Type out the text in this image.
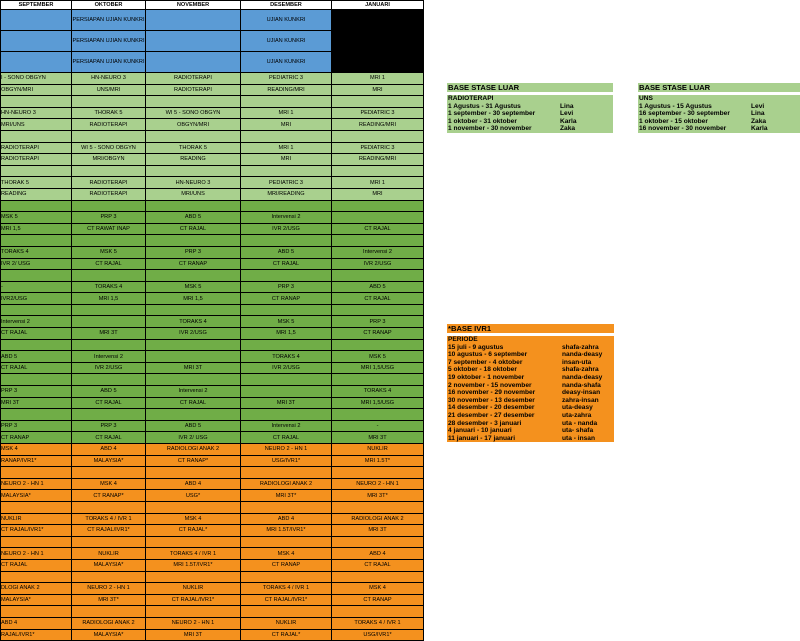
SEPTEMBER	OKTOBER	NOVEMBER	DESEMBER	JANUARI
	PERSIAPAN UJIAN KUNKRI		UJIAN KUNKRI	
	PERSIAPAN UJIAN KUNKRI		UJIAN KUNKRI	
	PERSIAPAN UJIAN KUNKRI		UJIAN KUNKRI	
I - SONO OBGYN	HN-NEURO 3	RADIOTERAPI	PEDIATRIC 3	MRI 1
OBGYN/MRI	UNS/MRI	RADIOTERAPI	READING/MRI	MRI

HN-NEURO 3	THORAK 5	WI 5 - SONO OBGYN	MRI 1	PEDIATRIC 3
MRI/UNS	RADIOTERAPI	OBGYN/MRI	MRI	READING/MRI

RADIOTERAPI	WI 5 - SONO OBGYN	THORAK 5	MRI 1	PEDIATRIC 3
RADIOTERAPI	MRI/OBGYN	READING	MRI	READING/MRI

THORAK 5	RADIOTERAPI	HN-NEURO 3	PEDIATRIC 3	MRI 1
READING	RADIOTERAPI	MRI/UNS	MRI/READING	MRI

MSK 5	PRP 3	ABD 5	Intervensi 2	
MRI 1,5	CT RAWAT INAP	CT RAJAL	IVR 2/USG	CT RAJAL

TORAKS 4	MSK 5	PRP 3	ABD 5	Intervensi 2
IVR 2/ USG	CT RAJAL	CT RANAP	CT RAJAL	IVR 2/USG

-	TORAKS 4	MSK 5	PRP 3	ABD 5
IVR2/USG	MRI 1,5	MRI 1,5	CT RANAP	CT RAJAL

Intervensi 2		TORAKS 4	MSK 5	PRP 3
CT RAJAL	MRI 3T	IVR 2/USG	MRI 1,5	CT RANAP

ABD 5	Intervensi 2		TORAKS 4	MSK 5
CT RAJAL	IVR 2/USG	MRI 3T	IVR 2/USG	MRI 1,5/USG

PRP 3	ABD 5	Intervensi 2		TORAKS 4
MRI 3T	CT RAJAL	CT RAJAL	MRI 3T	MRI 1,5/USG

PRP 3	PRP 3	ABD 5	Intervensi 2	-
CT RANAP	CT RAJAL	IVR 2/ USG	CT RAJAL	MRI 3T
MSK 4	ABD 4	RADIOLOGI ANAK 2	NEURO 2 - HN 1	NUKLIR
RANAP/IVR1*	MALAYSIA*	CT RANAP*	USG/IVR1*	MRI 1.5T*

NEURO 2 - HN 1	MSK 4	ABD 4	RADIOLOGI ANAK 2	NEURO 2 - HN 1
MALAYSIA*	CT RANAP*	USG*	MRI 3T*	MRI 3T*

NUKLIR	TORAKS 4 / IVR 1	MSK 4	ABD 4	RADIOLOGI ANAK 2
CT RAJAL/IVR1*	CT RAJAL/IVR1*	CT RAJAL*	MRI 1.5T/IVR1*	MRI 3T

NEURO 2 - HN 1	NUKLIR	TORAKS 4 / IVR 1	MSK 4	ABD 4
CT RAJAL	MALAYSIA*	MRI 1.5T/IVR1*	CT RANAP	CT RAJAL

DLOGI ANAK 2	NEURO 2 - HN 1	NUKLIR	TORAKS 4 / IVR 1	MSK 4
MALAYSIA*	MRI 3T*	CT RAJAL/IVR1*	CT RAJAL/IVR1*	CT RANAP

ABD 4	RADIOLOGI ANAK 2	NEURO 2 - HN 1	NUKLIR	TORAKS 4 / IVR 1
RAJAL/IVR1*	MALAYSIA*	MRI 3T	CT RAJAL*	USG/IVR1*
BASE STASE LUAR	

RADIOTERAPI	
1 Agustus - 31 Agustus	Lina
1 september - 30 september	Levi
1 oktober - 31 oktober	Karla
1 november - 30 november	Zaka
BASE STASE LUAR	

UNS	
1 Agustus - 15 Agustus	Levi
16 september - 30 september	Lina
1 oktober - 15 oktober	Zaka
16 november - 30 november	Karla
*BASE IVR1	

PERIODE	
15 juli - 9 agustus	shafa-zahra
10 agustus - 6 september	nanda-deasy
7 september - 4 oktober	insan-uta
5 oktober - 18 oktober	shafa-zahra
19 oktober - 1 november	nanda-deasy
2 november - 15 november	nanda-shafa
16 november - 29 november	deasy-insan
30 november - 13 desember	zahra-insan
14 desember - 20 desember	uta-deasy
21 desember - 27 desember	uta-zahra
28 desember - 3 januari	uta - nanda
4 januari - 10 januari	uta- shafa
11 januari - 17 januari	uta - insan
